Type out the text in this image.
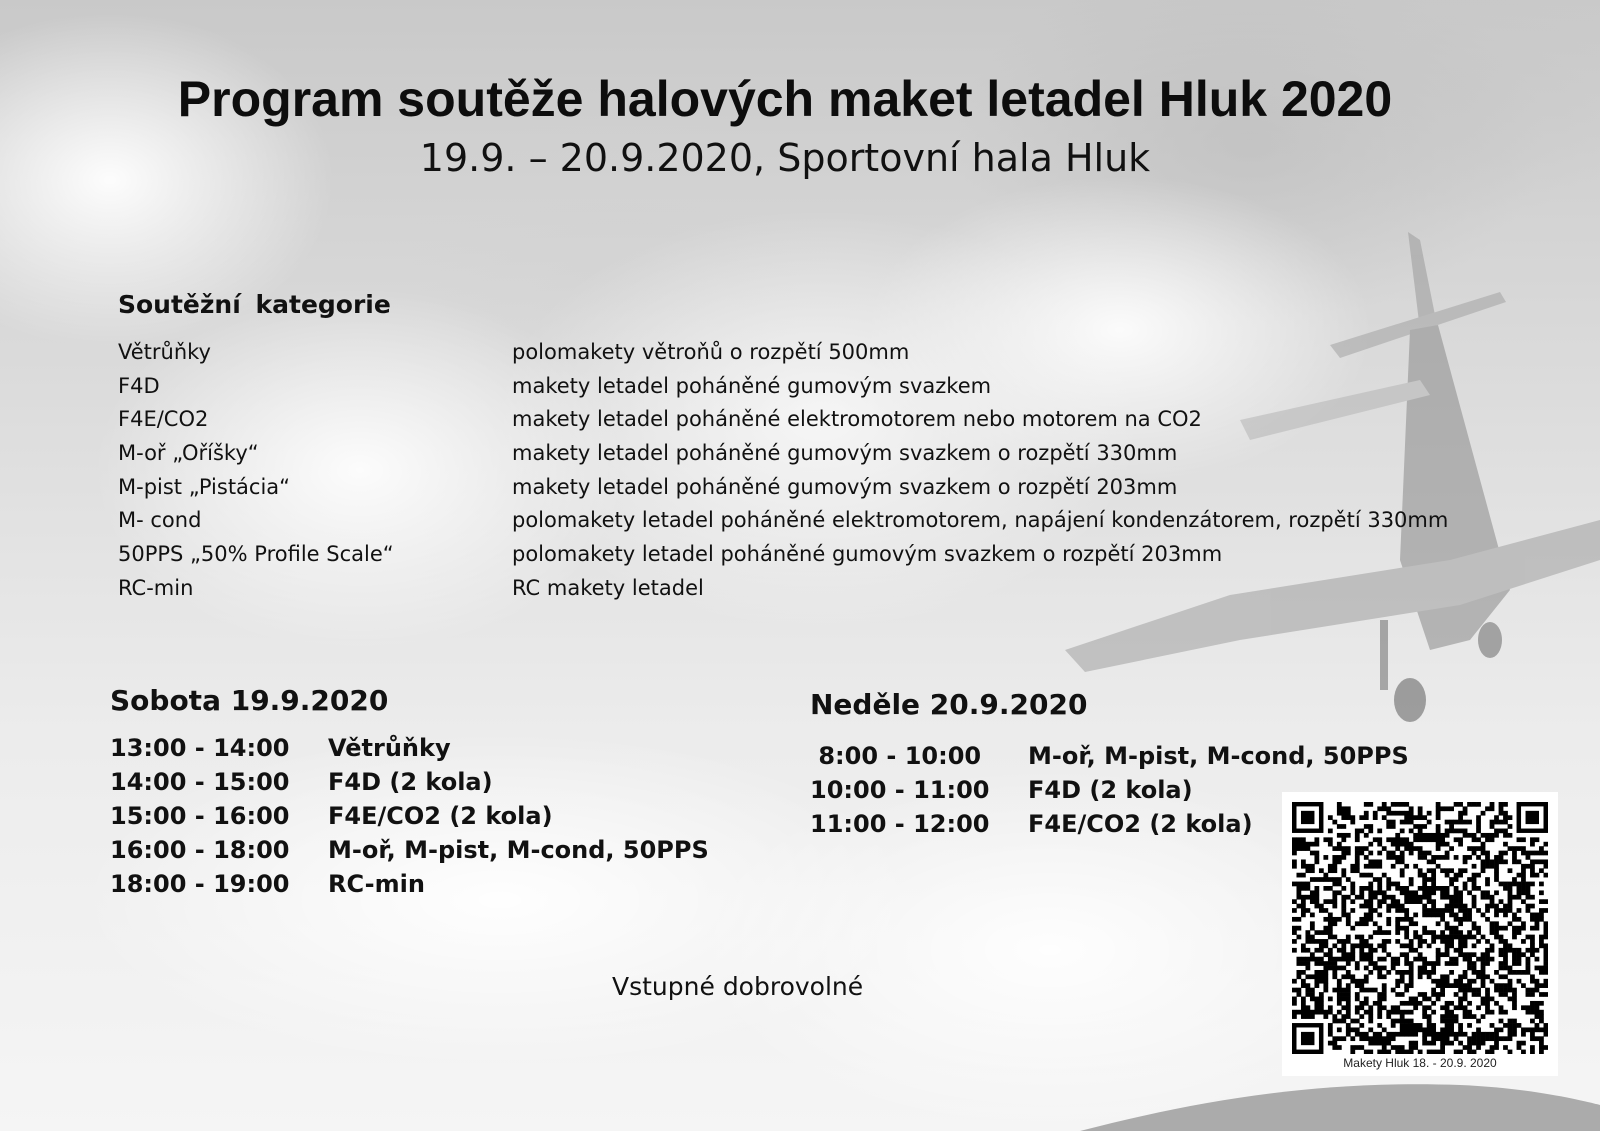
Program soutěže halových maket letadel Hluk 2020
19.9. – 20.9.2020, Sportovní hala Hluk
Soutěžní kategorie
Větrůňky	polomakety větroňů o rozpětí 500mm
F4D	makety letadel poháněné gumovým svazkem
F4E/CO2	makety letadel poháněné elektromotorem nebo motorem na CO2
M-oř „Oříšky“	makety letadel poháněné gumovým svazkem o rozpětí 330mm
M-pist „Pistácia“	makety letadel poháněné gumovým svazkem o rozpětí 203mm
M- cond	polomakety letadel poháněné elektromotorem, napájení kondenzátorem, rozpětí 330mm
50PPS „50% Profile Scale“	polomakety letadel poháněné gumovým svazkem o rozpětí 203mm
RC-min	RC makety letadel
Sobota 19.9.2020
13:00 - 14:00 Větrůňky
14:00 - 15:00 F4D (2 kola)
15:00 - 16:00 F4E/CO2 (2 kola)
16:00 - 18:00 M-oř, M-pist, M-cond, 50PPS
18:00 - 19:00 RC-min
Neděle 20.9.2020
8:00 - 10:00 M-oř, M-pist, M-cond, 50PPS
10:00 - 11:00 F4D (2 kola)
11:00 - 12:00 F4E/CO2 (2 kola)
Vstupné dobrovolné
Makety Hluk 18. - 20.9. 2020
